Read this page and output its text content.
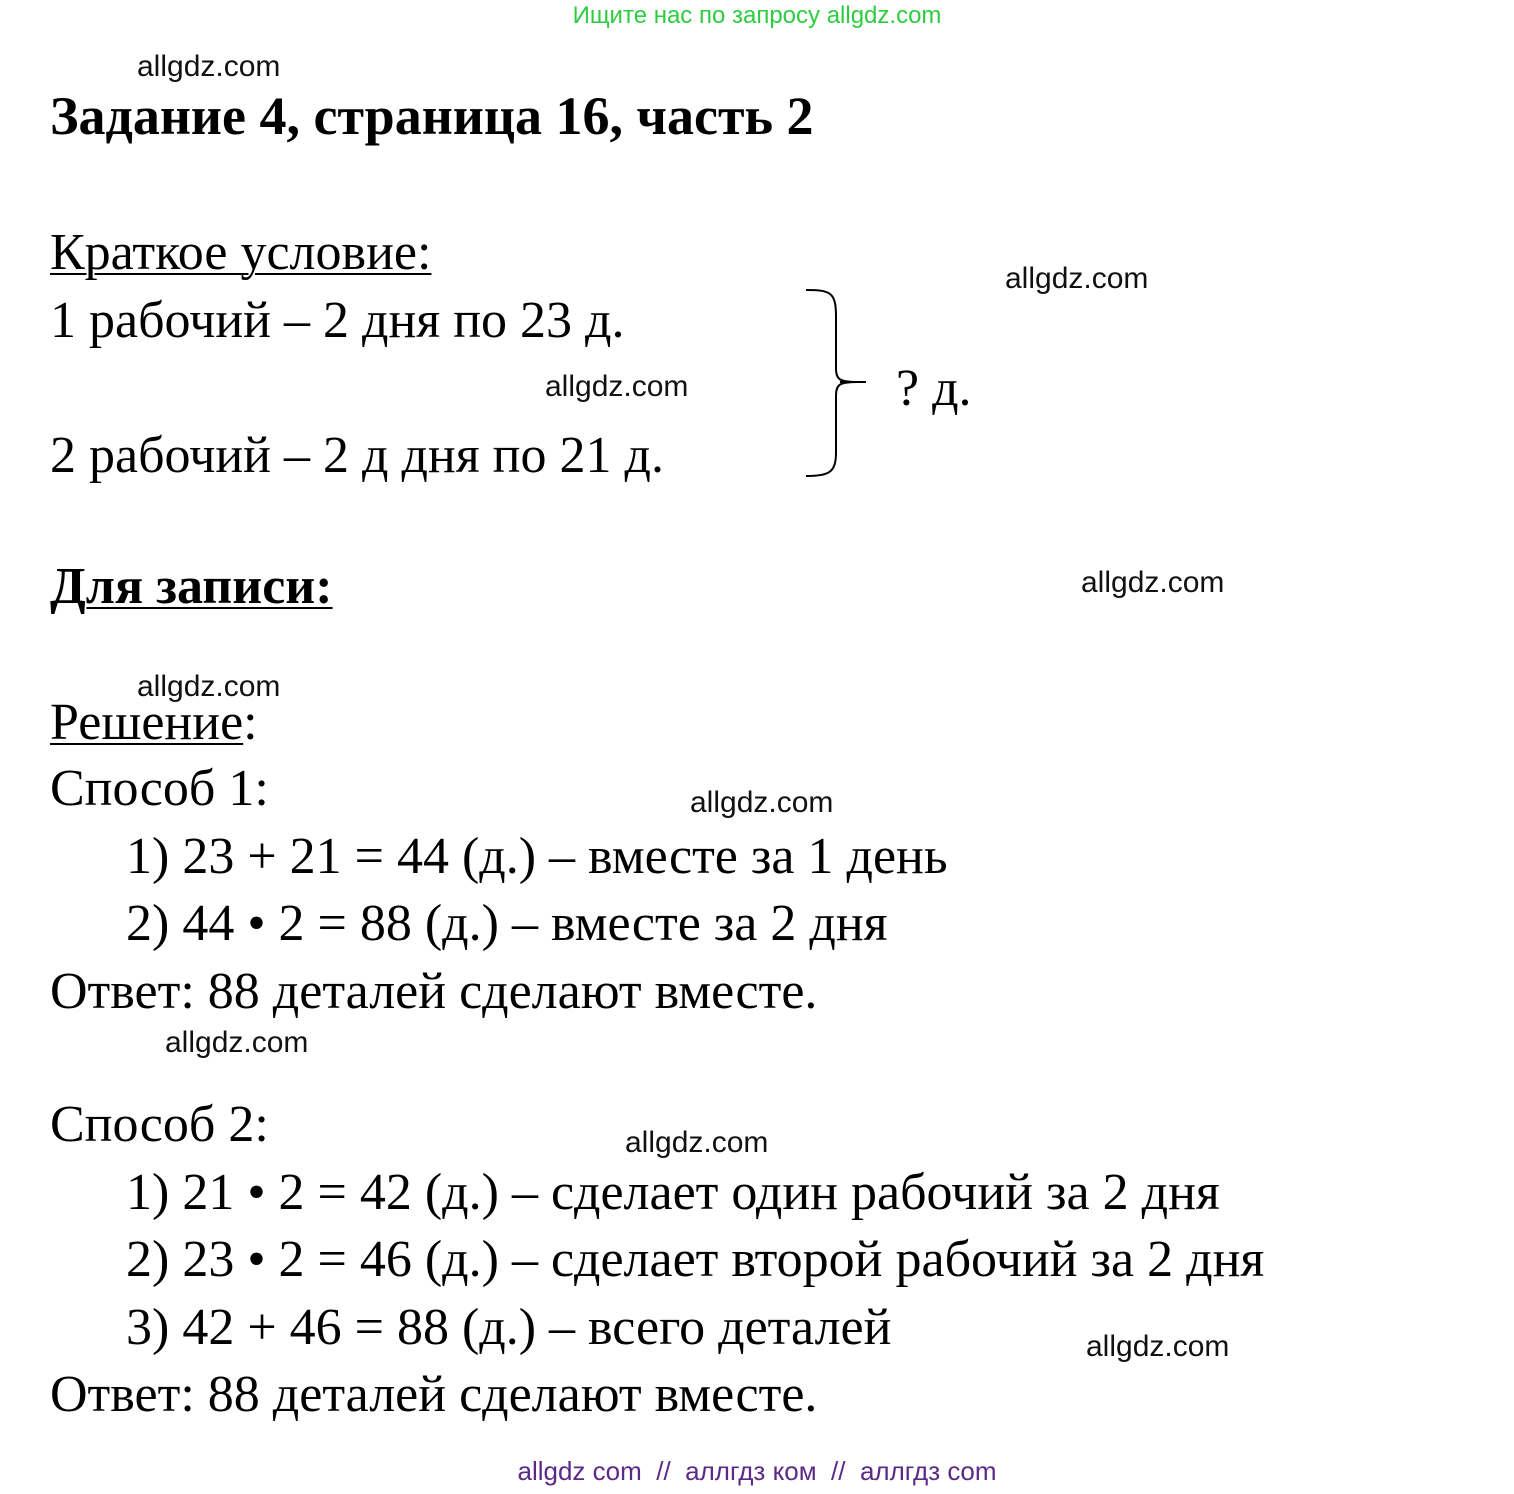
Ищите нас по запросу allgdz.com
allgdz.com
Задание 4, страница 16, часть 2
Краткое условие:	allgdz.com
1 рабочий – 2 дня по 23 д.
allgdz.com	? д.
2 рабочий – 2 д дня по 21 д.
Для записи:	allgdz.com
allgdz.com
Решение:
Способ 1:	allgdz.com
1) 23 + 21 = 44 (д.) – вместе за 1 день
2) 44 • 2 = 88 (д.) – вместе за 2 дня
Ответ: 88 деталей сделают вместе.
allgdz.com
Способ 2:	allgdz.com
1) 21 • 2 = 42 (д.) – сделает один рабочий за 2 дня
2) 23 • 2 = 46 (д.) – сделает второй рабочий за 2 дня
3) 42 + 46 = 88 (д.) – всего деталей	allgdz.com
Ответ: 88 деталей сделают вместе.
allgdz com // аллгдз ком // аллгдз com
